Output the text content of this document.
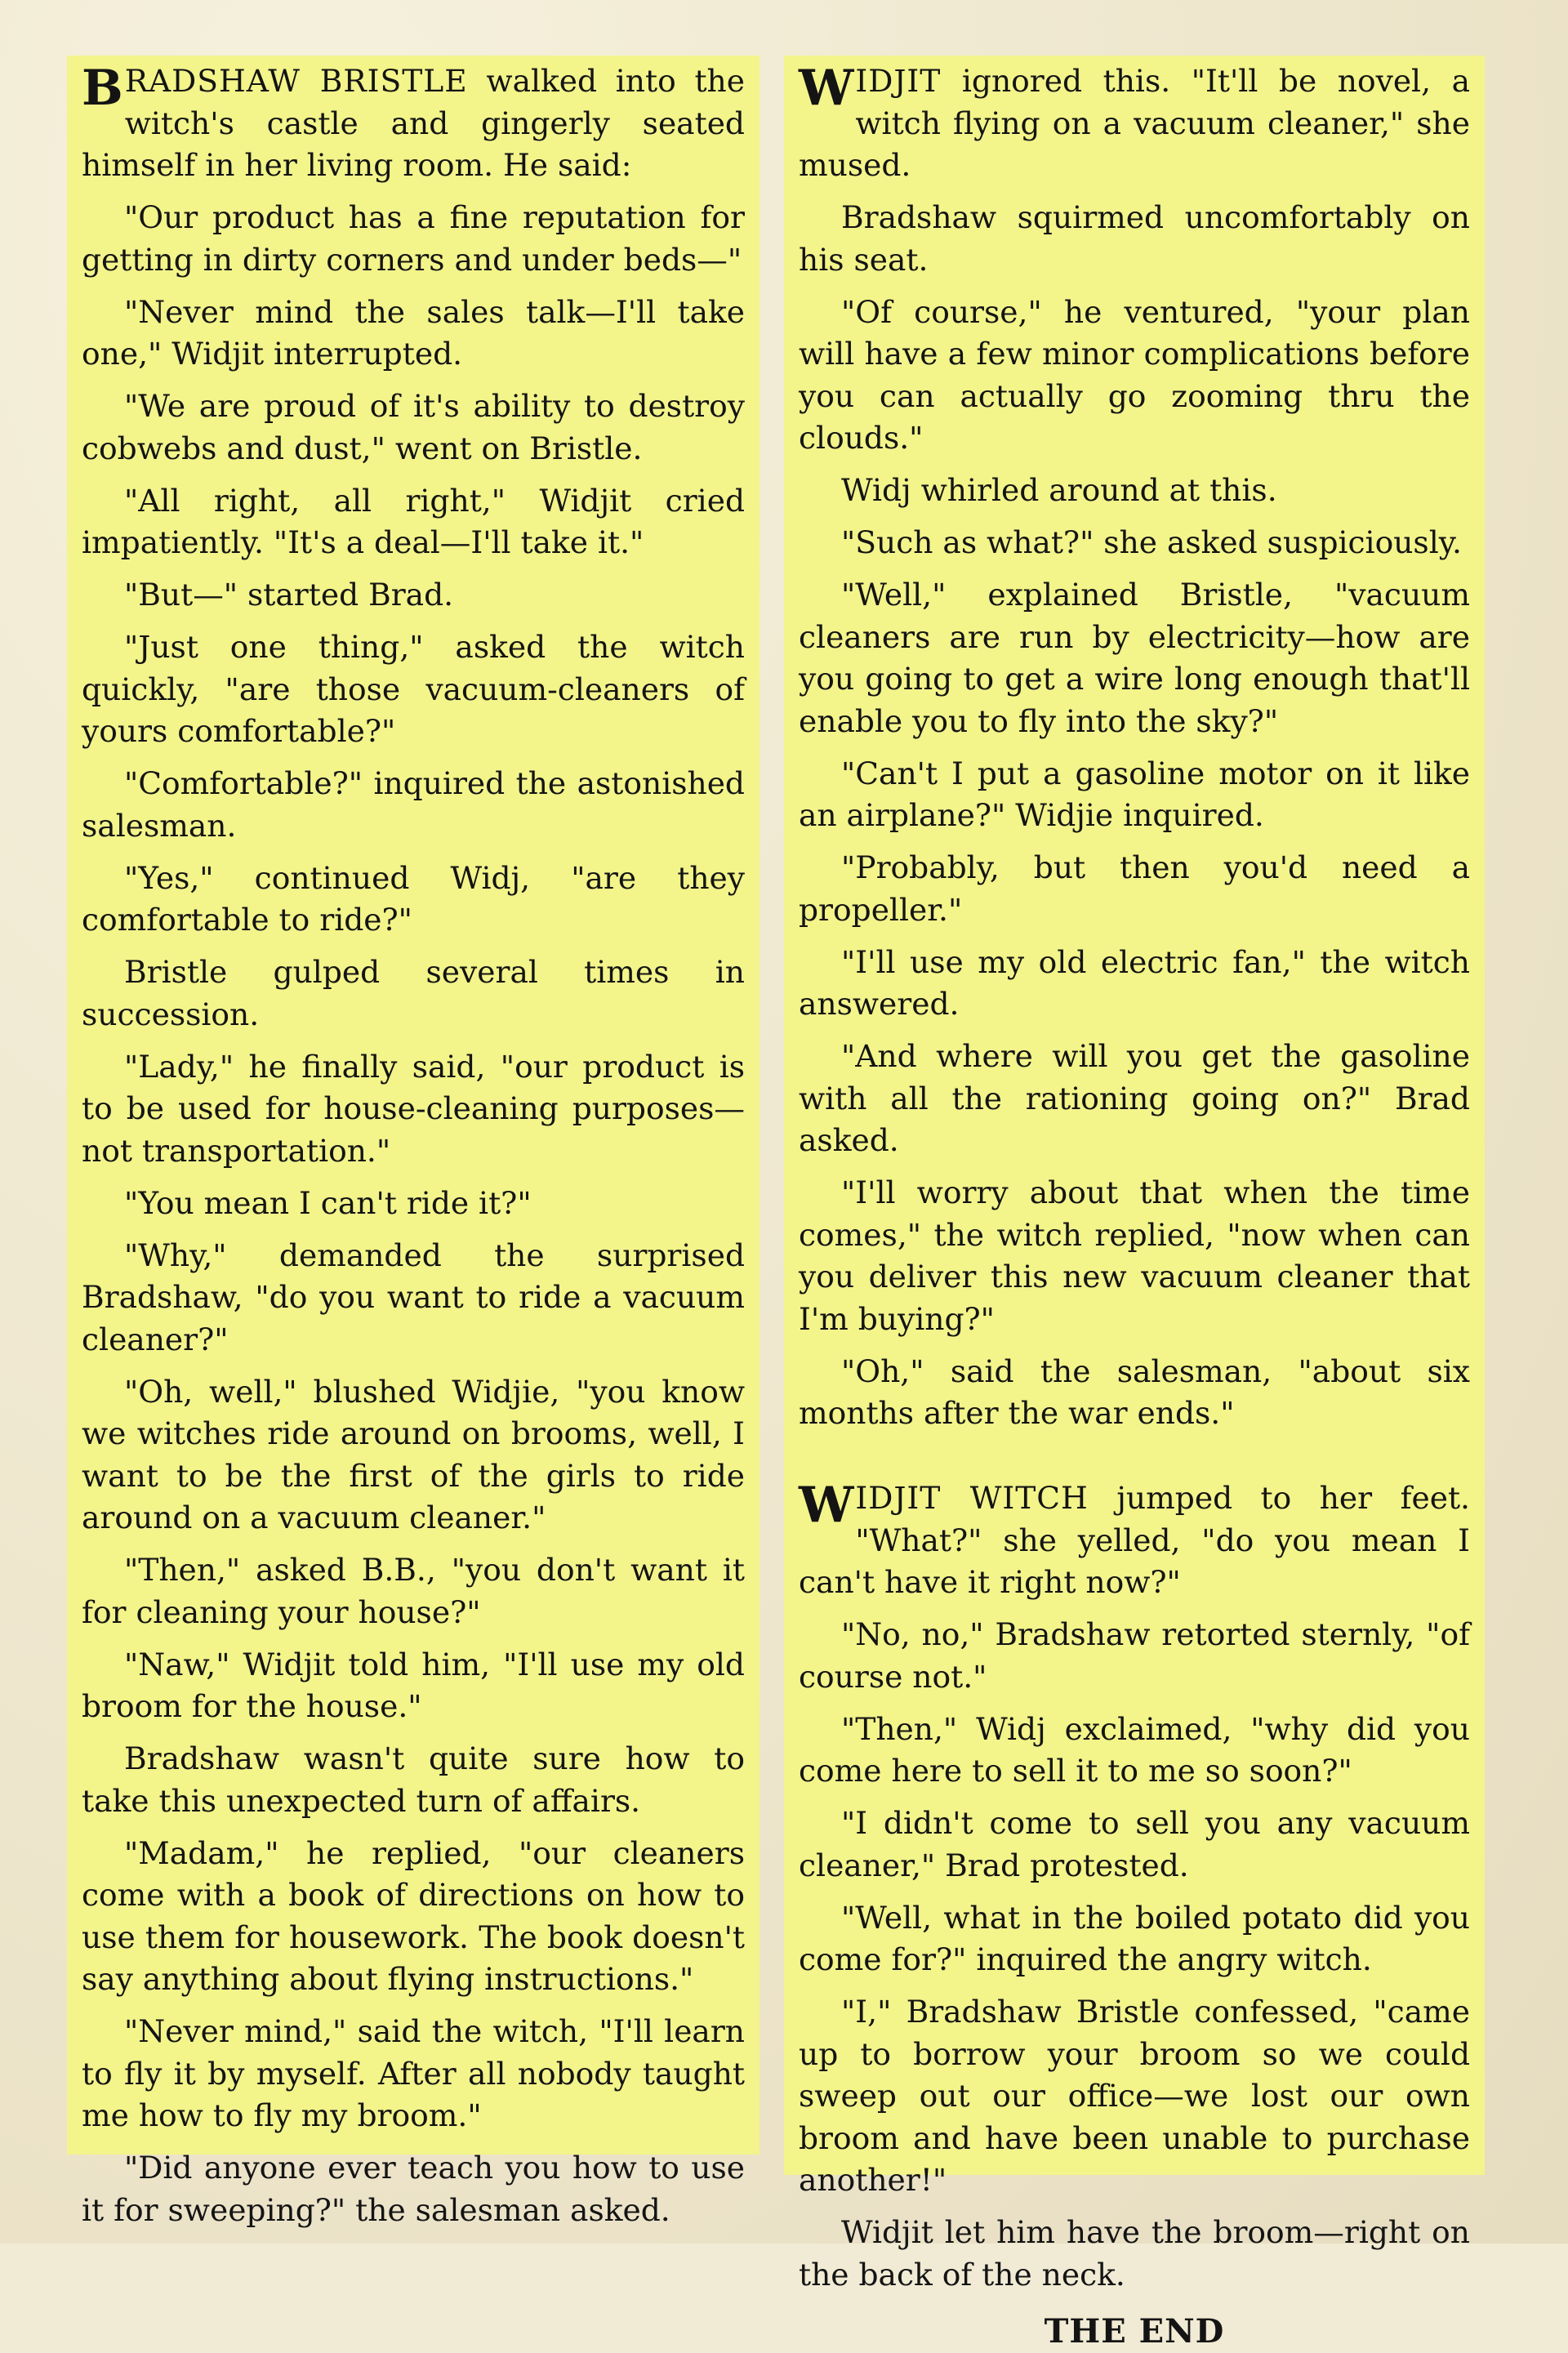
BRADSHAW BRISTLE walked into the witch's castle and gingerly seated himself in her living room. He said:

"Our product has a fine reputation for getting in dirty corners and under beds—"

"Never mind the sales talk—I'll take one," Widjit interrupted.

"We are proud of it's ability to destroy cobwebs and dust," went on Bristle.

"All right, all right," Widjit cried impatiently. "It's a deal—I'll take it."

"But—" started Brad.

"Just one thing," asked the witch quickly, "are those vacuum-cleaners of yours comfortable?"

"Comfortable?" inquired the astonished salesman.

"Yes," continued Widj, "are they comfortable to ride?"

Bristle gulped several times in succession.

"Lady," he finally said, "our product is to be used for house-cleaning purposes—not transportation."

"You mean I can't ride it?"

"Why," demanded the surprised Bradshaw, "do you want to ride a vacuum cleaner?"

"Oh, well," blushed Widjie, "you know we witches ride around on brooms, well, I want to be the first of the girls to ride around on a vacuum cleaner."

"Then," asked B.B., "you don't want it for cleaning your house?"

"Naw," Widjit told him, "I'll use my old broom for the house."

Bradshaw wasn't quite sure how to take this unexpected turn of affairs.

"Madam," he replied, "our cleaners come with a book of directions on how to use them for housework. The book doesn't say anything about flying instructions."

"Never mind," said the witch, "I'll learn to fly it by myself. After all nobody taught me how to fly my broom."

"Did anyone ever teach you how to use it for sweeping?" the salesman asked.

WIDJIT ignored this. "It'll be novel, a witch flying on a vacuum cleaner," she mused.

Bradshaw squirmed uncomfortably on his seat.

"Of course," he ventured, "your plan will have a few minor complications before you can actually go zooming thru the clouds."

Widj whirled around at this.

"Such as what?" she asked suspiciously.

"Well," explained Bristle, "vacuum cleaners are run by electricity—how are you going to get a wire long enough that'll enable you to fly into the sky?"

"Can't I put a gasoline motor on it like an airplane?" Widjie inquired.

"Probably, but then you'd need a propeller."

"I'll use my old electric fan," the witch answered.

"And where will you get the gasoline with all the rationing going on?" Brad asked.

"I'll worry about that when the time comes," the witch replied, "now when can you deliver this new vacuum cleaner that I'm buying?"

"Oh," said the salesman, "about six months after the war ends."

WIDJIT WITCH jumped to her feet. "What?" she yelled, "do you mean I can't have it right now?"

"No, no," Bradshaw retorted sternly, "of course not."

"Then," Widj exclaimed, "why did you come here to sell it to me so soon?"

"I didn't come to sell you any vacuum cleaner," Brad protested.

"Well, what in the boiled potato did you come for?" inquired the angry witch.

"I," Bradshaw Bristle confessed, "came up to borrow your broom so we could sweep out our office—we lost our own broom and have been unable to purchase another!"

Widjit let him have the broom—right on the back of the neck.

THE END
